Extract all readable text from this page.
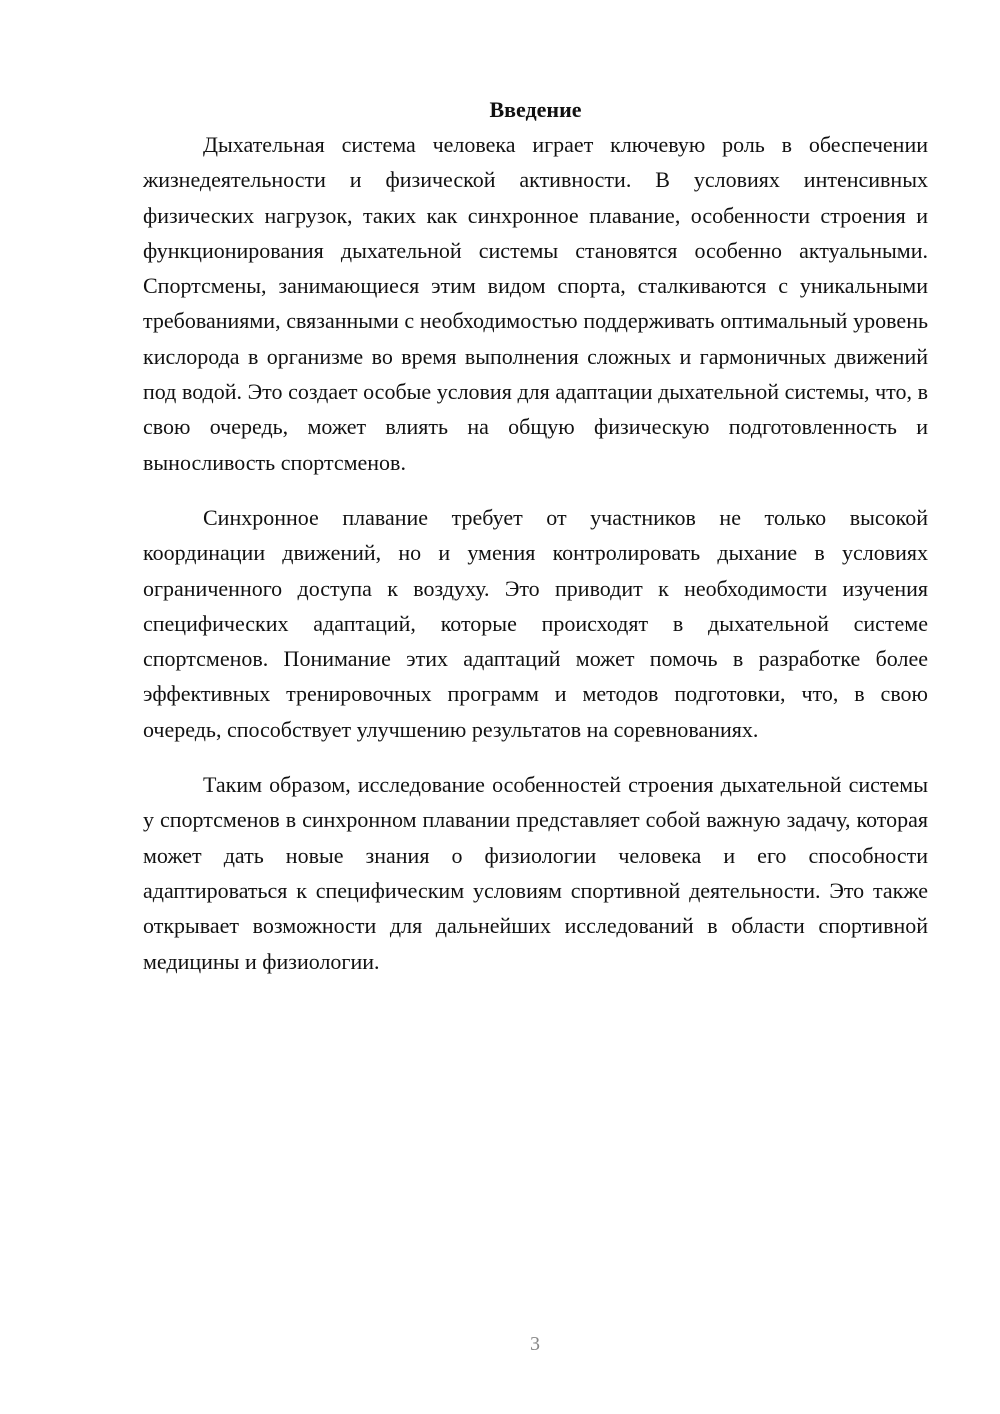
Введение

Дыхательная система человека играет ключевую роль в обеспечении жизнедеятельности и физической активности. В условиях интенсивных физических нагрузок, таких как синхронное плавание, особенности строения и функционирования дыхательной системы становятся особенно актуальными. Спортсмены, занимающиеся этим видом спорта, сталкиваются с уникальными требованиями, связанными с необходимостью поддерживать оптимальный уровень кислорода в организме во время выполнения сложных и гармоничных движений под водой. Это создает особые условия для адаптации дыхательной системы, что, в свою очередь, может влиять на общую физическую подготовленность и выносливость спортсменов.

Синхронное плавание требует от участников не только высокой координации движений, но и умения контролировать дыхание в условиях ограниченного доступа к воздуху. Это приводит к необходимости изучения специфических адаптаций, которые происходят в дыхательной системе спортсменов. Понимание этих адаптаций может помочь в разработке более эффективных тренировочных программ и методов подготовки, что, в свою очередь, способствует улучшению результатов на соревнованиях.

Таким образом, исследование особенностей строения дыхательной системы у спортсменов в синхронном плавании представляет собой важную задачу, которая может дать новые знания о физиологии человека и его способности адаптироваться к специфическим условиям спортивной деятельности. Это также открывает возможности для дальнейших исследований в области спортивной медицины и физиологии.

3
